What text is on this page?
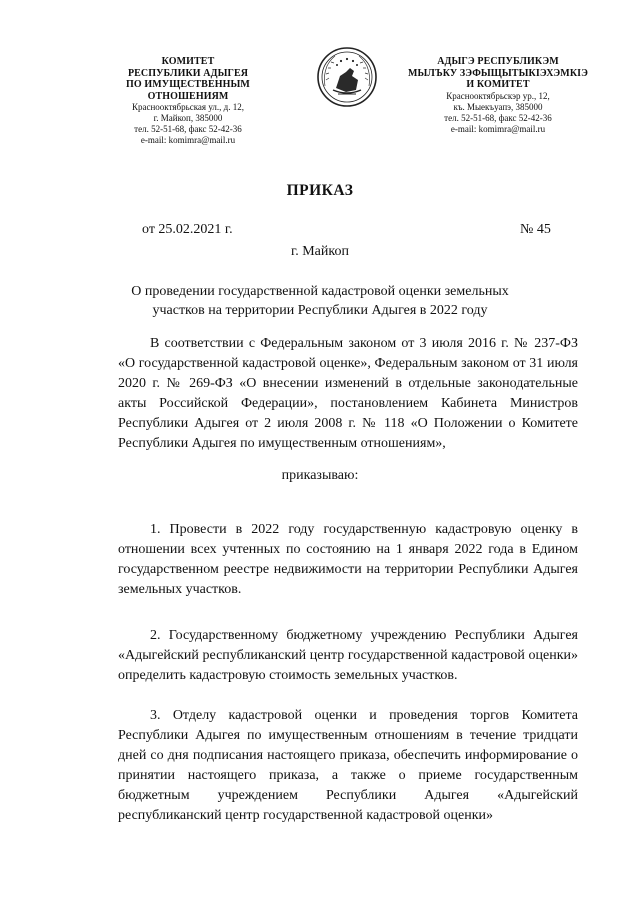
КОМИТЕТ
РЕСПУБЛИКИ АДЫГЕЯ
ПО ИМУЩЕСТВЕННЫМ ОТНОШЕНИЯМ
Краснооктябрьская ул., д. 12,
г. Майкоп, 385000
тел. 52-51-68, факс 52-42-36
e-mail: komimra@mail.ru
АДЫГЭ РЕСПУБЛИКЭМ
МЫЛЪКУ ЗЭФЫЩЫТЫКIЭХЭМКIЭ
И КОМИТЕТ
Краснооктябрьскэр ур., 12,
къ. Мыекъуапэ, 385000
тел. 52-51-68, факс 52-42-36
e-mail: komimra@mail.ru
ПРИКАЗ
от 25.02.2021 г.	№ 45
г. Майкоп
О проведении государственной кадастровой оценки земельных участков на территории Республики Адыгея в 2022 году

В соответствии с Федеральным законом от 3 июля 2016 г. № 237-ФЗ «О государственной кадастровой оценке», Федеральным законом от 31 июля 2020 г. № 269-ФЗ «О внесении изменений в отдельные законодательные акты Российской Федерации», постановлением Кабинета Министров Республики Адыгея от 2 июля 2008 г. № 118 «О Положении о Комитете Республики Адыгея по имущественным отношениям»,

приказываю:

1. Провести в 2022 году государственную кадастровую оценку в отношении всех учтенных по состоянию на 1 января 2022 года в Едином государственном реестре недвижимости на территории Республики Адыгея земельных участков.

2. Государственному бюджетному учреждению Республики Адыгея «Адыгейский республиканский центр государственной кадастровой оценки» определить кадастровую стоимость земельных участков.

3. Отделу кадастровой оценки и проведения торгов Комитета Республики Адыгея по имущественным отношениям в течение тридцати дней со дня подписания настоящего приказа, обеспечить информирование о принятии настоящего приказа, а также о приеме государственным бюджетным учреждением Республики Адыгея «Адыгейский республиканский центр государственной кадастровой оценки»
